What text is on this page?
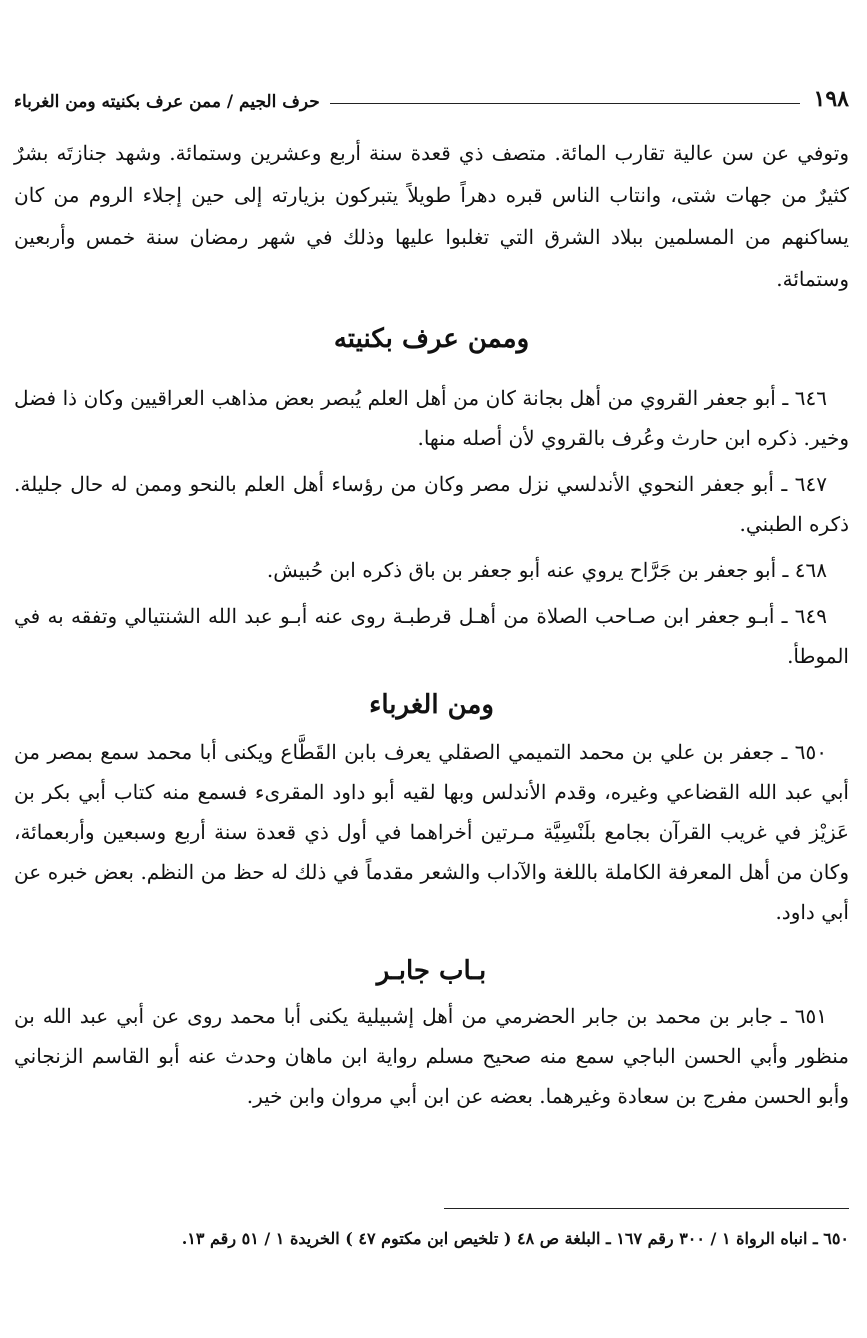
١٩٨
حرف الجيم / ممن عرف بكنيته ومن الغرباء

وتوفي عن سن عالية تقارب المائة. متصف ذي قعدة سنة أربع وعشرين وستمائة. وشهد جنازتَه بشرٌ كثيرٌ من جهات شتى، وانتاب الناس قبره دهراً طويلاً يتبركون بزيارته إلى حين إجلاء الروم من كان يساكنهم من المسلمين ببلاد الشرق التي تغلبوا عليها وذلك في شهر رمضان سنة خمس وأربعين وستمائة.

وممن عرف بكنيته

٦٤٦ ـ أبو جعفر القروي من أهل بجانة كان من أهل العلم يُبصر بعض مذاهب العراقيين وكان ذا فضل وخير. ذكره ابن حارث وعُرف بالقروي لأن أصله منها.

٦٤٧ ـ أبو جعفر النحوي الأندلسي نزل مصر وكان من رؤساء أهل العلم بالنحو وممن له حال جليلة. ذكره الطبني.

٤٦٨ ـ أبو جعفر بن جَرَّاح يروي عنه أبو جعفر بن باق ذكره ابن حُبيش.

٦٤٩ ـ أبـو جعفر ابن صـاحب الصلاة من أهـل قرطبـة روى عنه أبـو عبد الله الشنتيالي وتفقه به في الموطأ.

ومن الغرباء

٦٥٠ ـ جعفر بن علي بن محمد التميمي الصقلي يعرف بابن القَطَّاع ويكنى أبا محمد سمع بمصر من أبي عبد الله القضاعي وغيره، وقدم الأندلس وبها لقيه أبو داود المقرىء فسمع منه كتاب أبي بكر بن عَزيْز في غريب القرآن بجامع بلَنْسِيَّة مـرتين أخراهما في أول ذي قعدة سنة أربع وسبعين وأربعمائة، وكان من أهل المعرفة الكاملة باللغة والآداب والشعر مقدماً في ذلك له حظ من النظم. بعض خبره عن أبي داود.

بـاب جابـر

٦٥١ ـ جابر بن محمد بن جابر الحضرمي من أهل إشبيلية يكنى أبا محمد روى عن أبي عبد الله بن منظور وأبي الحسن الباجي سمع منه صحيح مسلم رواية ابن ماهان وحدث عنه أبو القاسم الزنجاني وأبو الحسن مفرج بن سعادة وغيرهما. بعضه عن ابن أبي مروان وابن خير.

٦٥٠ ـ انباه الرواة ١ / ٣٠٠ رقم ١٦٧ ـ البلغة ص ٤٨ ( تلخيص ابن مكتوم ٤٧ ) الخريدة ١ / ٥١ رقم ١٣.
